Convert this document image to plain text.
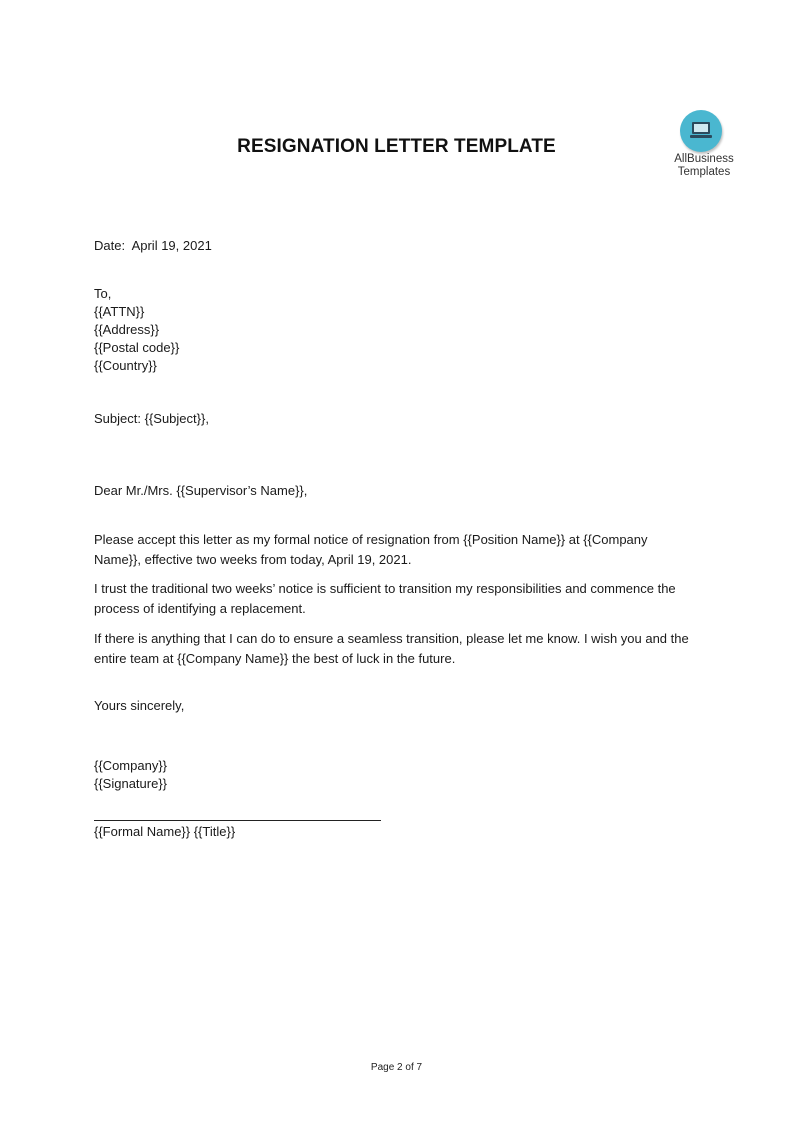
RESIGNATION LETTER TEMPLATE
AllBusiness
Templates
Date:  April 19, 2021
To,
{{ATTN}}
{{Address}}
{{Postal code}}
{{Country}}
Subject: {{Subject}},
Dear Mr./Mrs. {{Supervisor’s Name}},
Please accept this letter as my formal notice of resignation from {{Position Name}} at {{Company Name}}, effective two weeks from today, April 19, 2021.
I trust the traditional two weeks’ notice is sufficient to transition my responsibilities and commence the process of identifying a replacement.
If there is anything that I can do to ensure a seamless transition, please let me know. I wish you and the entire team at {{Company Name}} the best of luck in the future.
Yours sincerely,
{{Company}}
{{Signature}}
{{Formal Name}} {{Title}}
Page 2 of 7
